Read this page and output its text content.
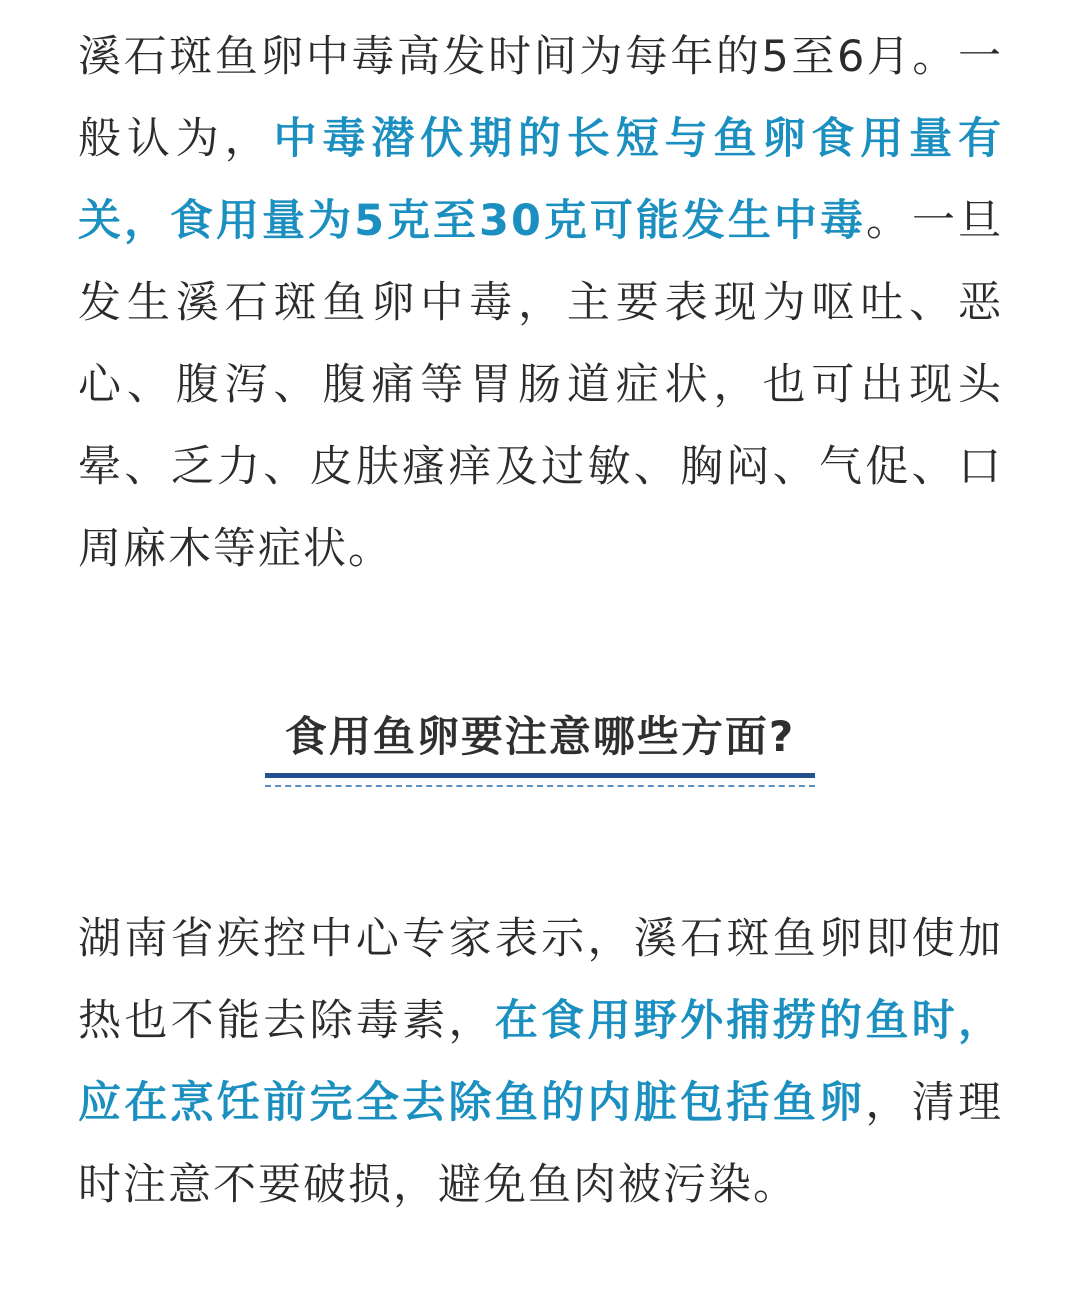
溪石斑鱼卵中毒高发时间为每年的5至6月。一般认为，中毒潜伏期的长短与鱼卵食用量有关，食用量为5克至30克可能发生中毒。一旦发生溪石斑鱼卵中毒，主要表现为呕吐、恶心、腹泻、腹痛等胃肠道症状，也可出现头晕、乏力、皮肤瘙痒及过敏、胸闷、气促、口周麻木等症状。

食用鱼卵要注意哪些方面?

湖南省疾控中心专家表示，溪石斑鱼卵即使加热也不能去除毒素，在食用野外捕捞的鱼时，应在烹饪前完全去除鱼的内脏包括鱼卵，清理时注意不要破损，避免鱼肉被污染。
